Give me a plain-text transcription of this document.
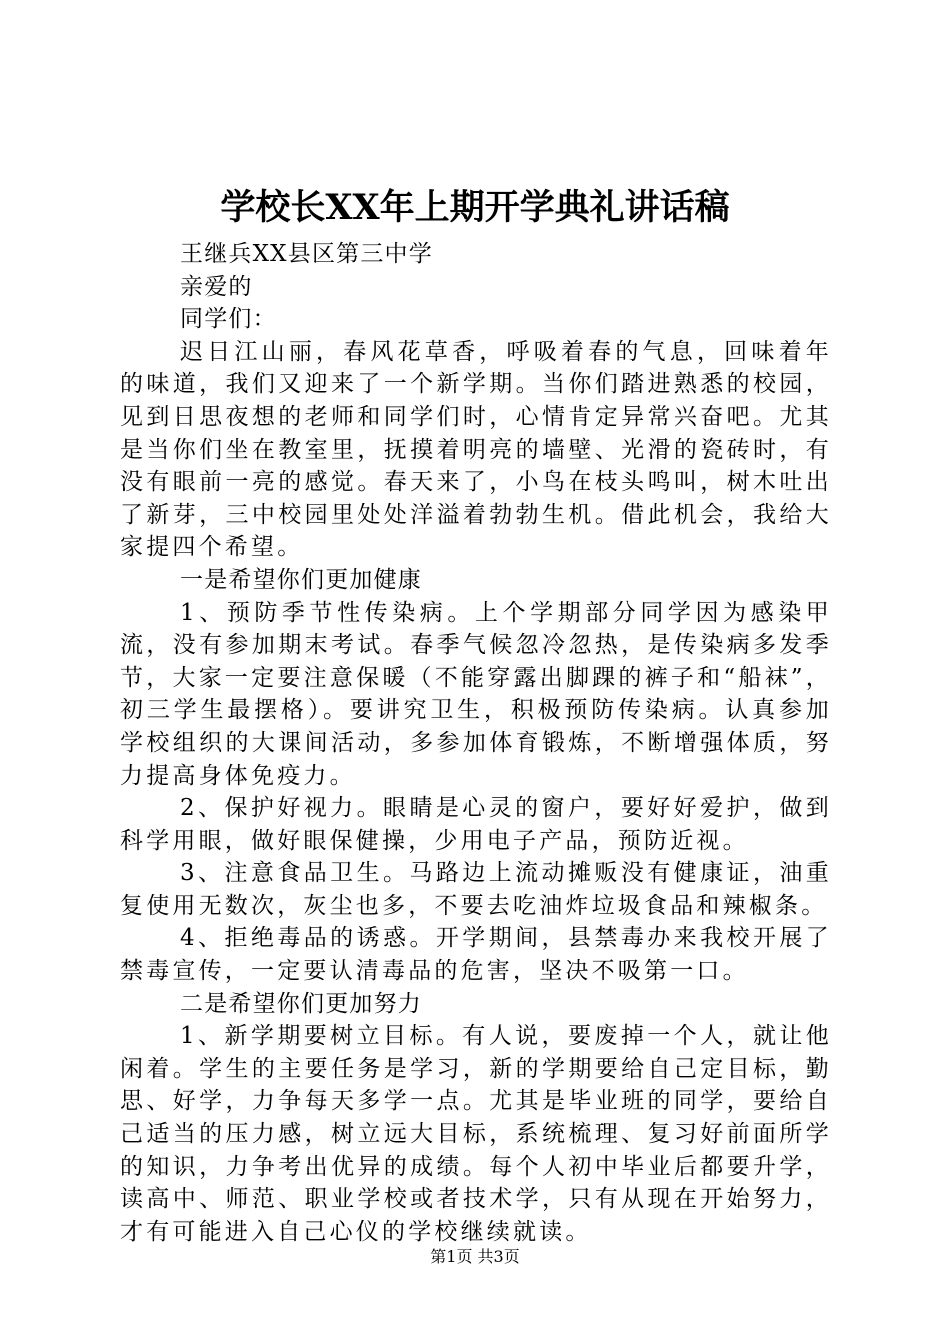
学校长XX年上期开学典礼讲话稿

王继兵XX县区第三中学

亲爱的

同学们：

迟日江山丽，春风花草香，呼吸着春的气息，回味着年的味道，我们又迎来了一个新学期。当你们踏进熟悉的校园，见到日思夜想的老师和同学们时，心情肯定异常兴奋吧。尤其是当你们坐在教室里，抚摸着明亮的墙壁、光滑的瓷砖时，有没有眼前一亮的感觉。春天来了，小鸟在枝头鸣叫，树木吐出了新芽，三中校园里处处洋溢着勃勃生机。借此机会，我给大家提四个希望。

一是希望你们更加健康

1、预防季节性传染病。上个学期部分同学因为感染甲流，没有参加期末考试。春季气候忽冷忽热，是传染病多发季节，大家一定要注意保暖（不能穿露出脚踝的裤子和“船袜”，初三学生最摆格）。要讲究卫生，积极预防传染病。认真参加学校组织的大课间活动，多参加体育锻炼，不断增强体质，努力提高身体免疫力。

2、保护好视力。眼睛是心灵的窗户，要好好爱护，做到科学用眼，做好眼保健操，少用电子产品，预防近视。

3、注意食品卫生。马路边上流动摊贩没有健康证，油重复使用无数次，灰尘也多，不要去吃油炸垃圾食品和辣椒条。

4、拒绝毒品的诱惑。开学期间，县禁毒办来我校开展了禁毒宣传，一定要认清毒品的危害，坚决不吸第一口。

二是希望你们更加努力

1、新学期要树立目标。有人说，要废掉一个人，就让他闲着。学生的主要任务是学习，新的学期要给自己定目标，勤思、好学，力争每天多学一点。尤其是毕业班的同学，要给自己适当的压力感，树立远大目标，系统梳理、复习好前面所学的知识，力争考出优异的成绩。每个人初中毕业后都要升学，读高中、师范、职业学校或者技术学，只有从现在开始努力，才有可能进入自己心仪的学校继续就读。

第1页 共3页
